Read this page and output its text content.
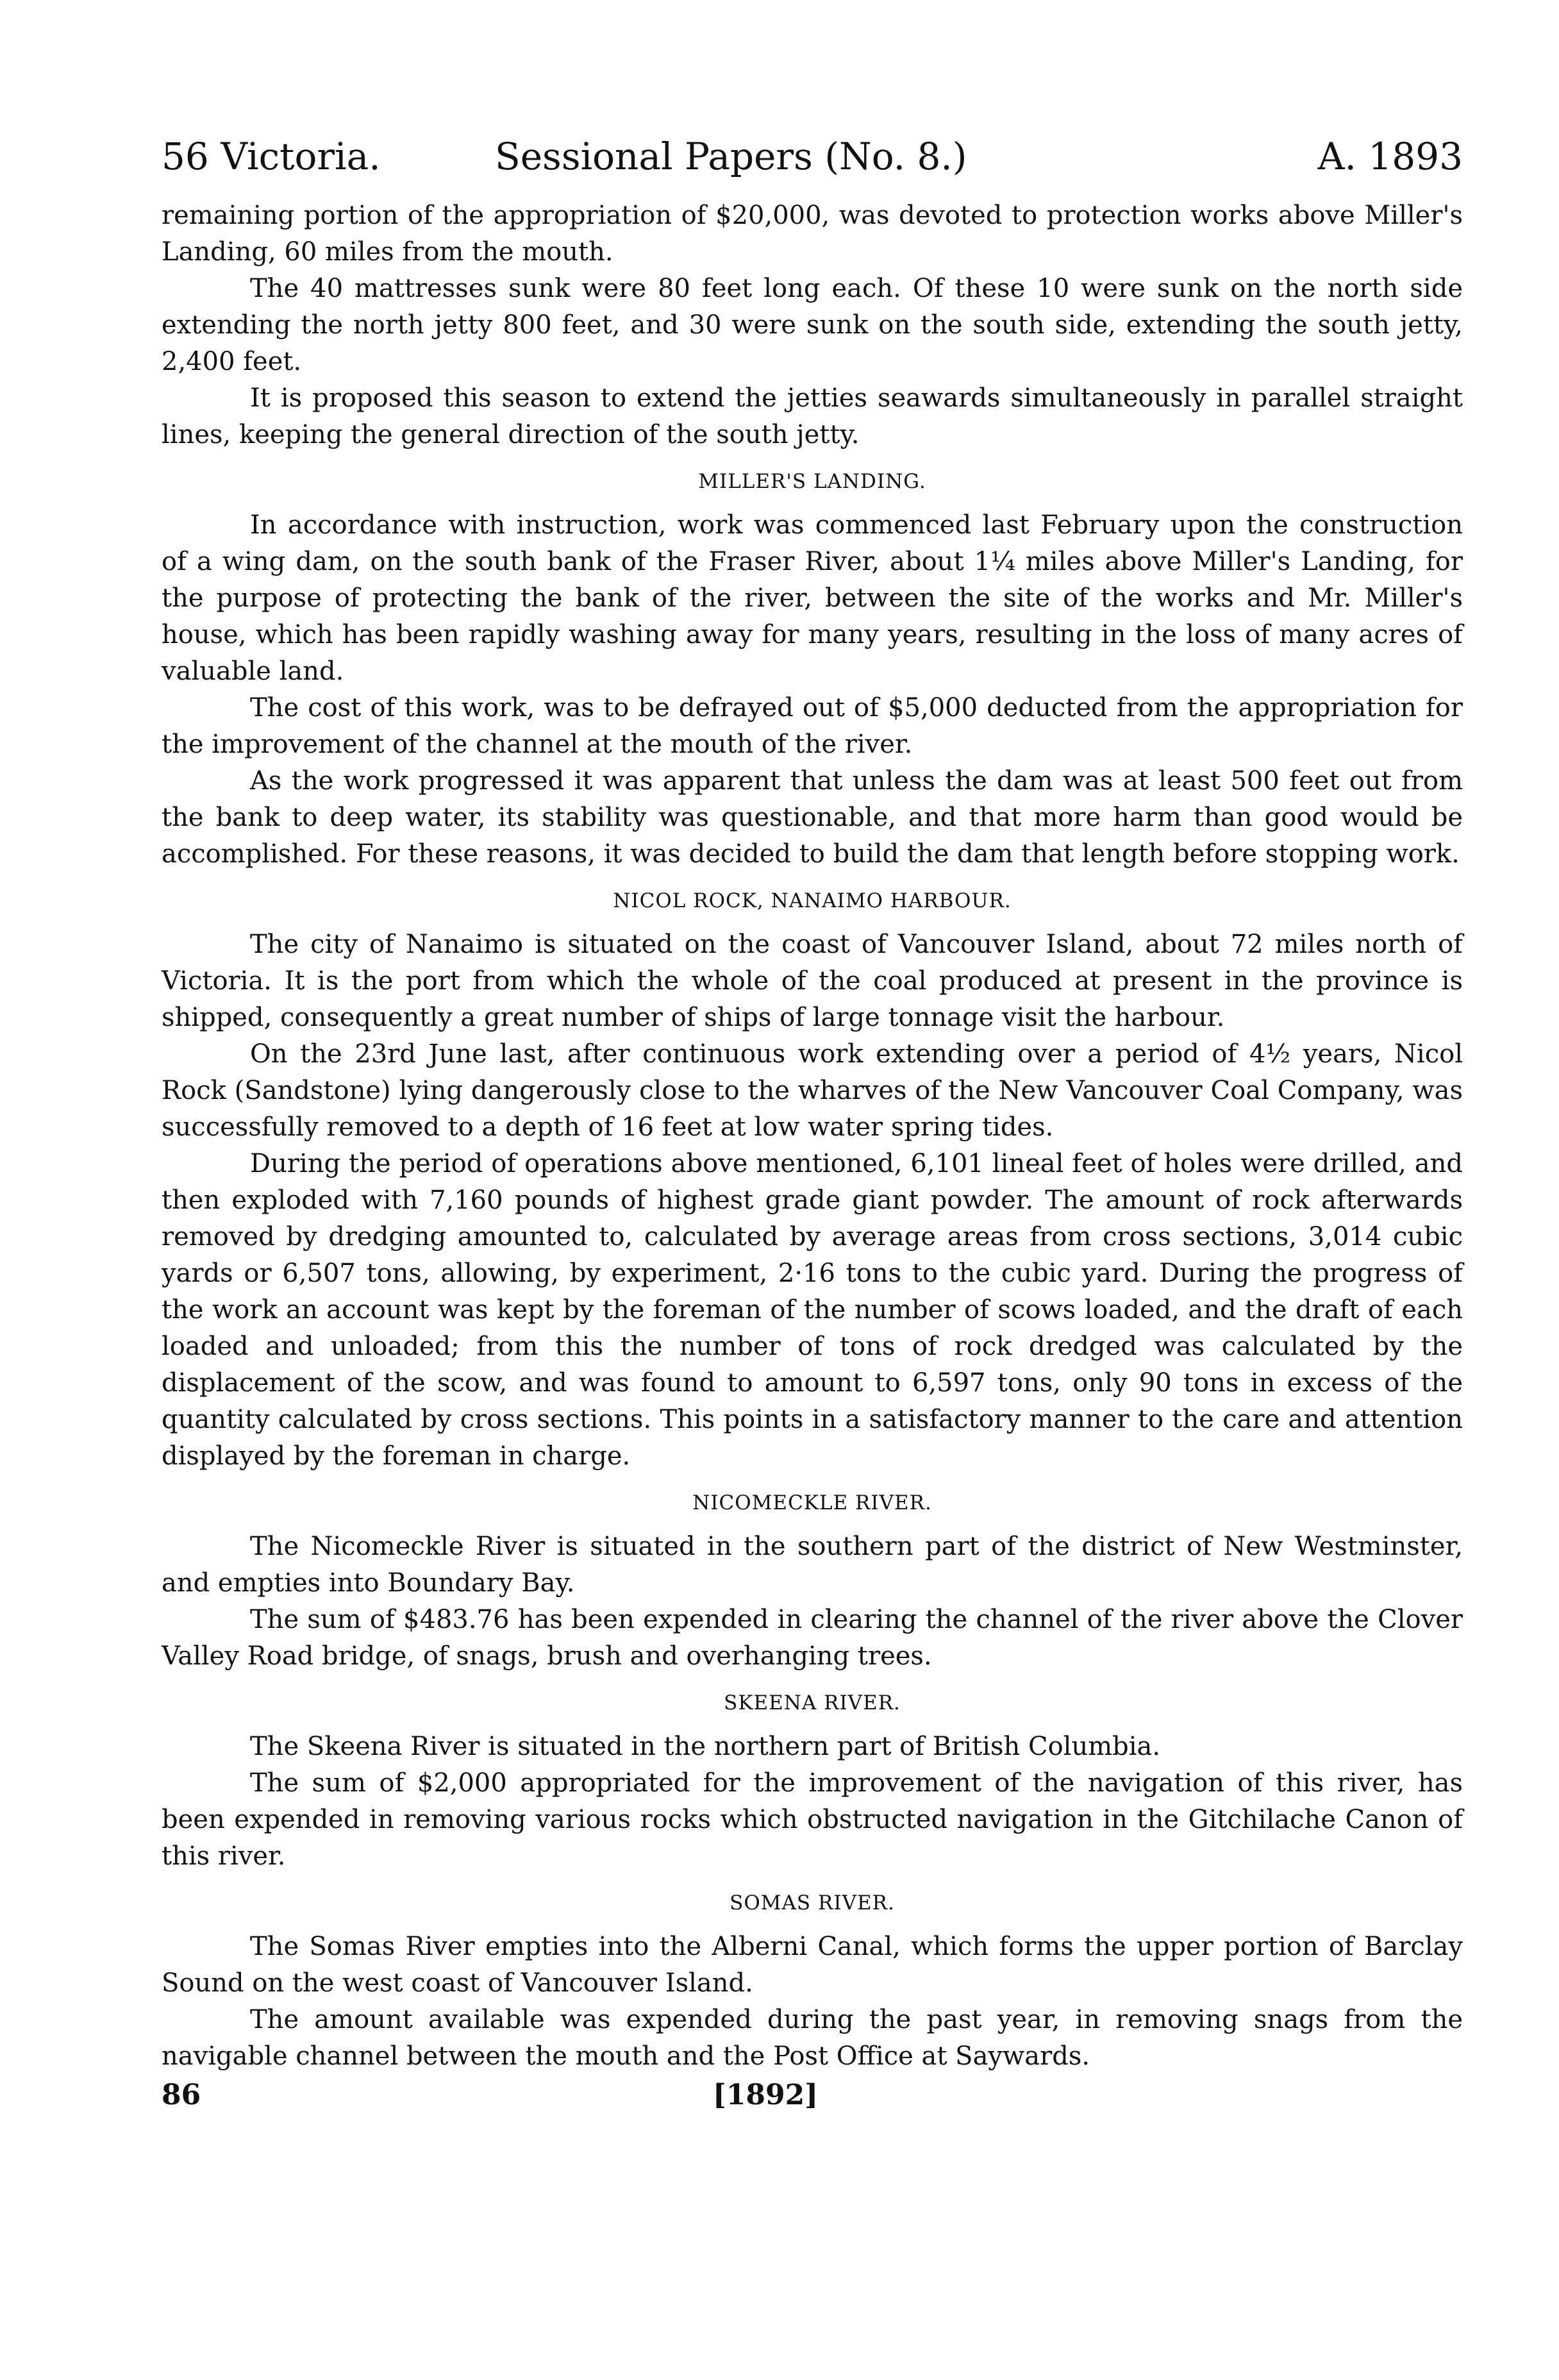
56 Victoria.	Sessional Papers (No. 8.)	A. 1893

remaining portion of the appropriation of $20,000, was devoted to protection works above Miller's Landing, 60 miles from the mouth.

The 40 mattresses sunk were 80 feet long each. Of these 10 were sunk on the north side extending the north jetty 800 feet, and 30 were sunk on the south side, extending the south jetty, 2,400 feet.

It is proposed this season to extend the jetties seawards simultaneously in parallel straight lines, keeping the general direction of the south jetty.

MILLER'S LANDING.

In accordance with instruction, work was commenced last February upon the construction of a wing dam, on the south bank of the Fraser River, about 1¼ miles above Miller's Landing, for the purpose of protecting the bank of the river, between the site of the works and Mr. Miller's house, which has been rapidly washing away for many years, resulting in the loss of many acres of valuable land.

The cost of this work, was to be defrayed out of $5,000 deducted from the appropriation for the improvement of the channel at the mouth of the river.

As the work progressed it was apparent that unless the dam was at least 500 feet out from the bank to deep water, its stability was questionable, and that more harm than good would be accomplished. For these reasons, it was decided to build the dam that length before stopping work.

NICOL ROCK, NANAIMO HARBOUR.

The city of Nanaimo is situated on the coast of Vancouver Island, about 72 miles north of Victoria. It is the port from which the whole of the coal produced at present in the province is shipped, consequently a great number of ships of large tonnage visit the harbour.

On the 23rd June last, after continuous work extending over a period of 4½ years, Nicol Rock (Sandstone) lying dangerously close to the wharves of the New Vancouver Coal Company, was successfully removed to a depth of 16 feet at low water spring tides.

During the period of operations above mentioned, 6,101 lineal feet of holes were drilled, and then exploded with 7,160 pounds of highest grade giant powder. The amount of rock afterwards removed by dredging amounted to, calculated by average areas from cross sections, 3,014 cubic yards or 6,507 tons, allowing, by experiment, 2·16 tons to the cubic yard. During the progress of the work an account was kept by the foreman of the number of scows loaded, and the draft of each loaded and unloaded; from this the number of tons of rock dredged was calculated by the displacement of the scow, and was found to amount to 6,597 tons, only 90 tons in excess of the quantity calculated by cross sections. This points in a satisfactory manner to the care and attention displayed by the foreman in charge.

NICOMECKLE RIVER.

The Nicomeckle River is situated in the southern part of the district of New Westminster, and empties into Boundary Bay.

The sum of $483.76 has been expended in clearing the channel of the river above the Clover Valley Road bridge, of snags, brush and overhanging trees.

SKEENA RIVER.

The Skeena River is situated in the northern part of British Columbia.

The sum of $2,000 appropriated for the improvement of the navigation of this river, has been expended in removing various rocks which obstructed navigation in the Gitchilache Canon of this river.

SOMAS RIVER.

The Somas River empties into the Alberni Canal, which forms the upper portion of Barclay Sound on the west coast of Vancouver Island.

The amount available was expended during the past year, in removing snags from the navigable channel between the mouth and the Post Office at Saywards.

86	[1892]
